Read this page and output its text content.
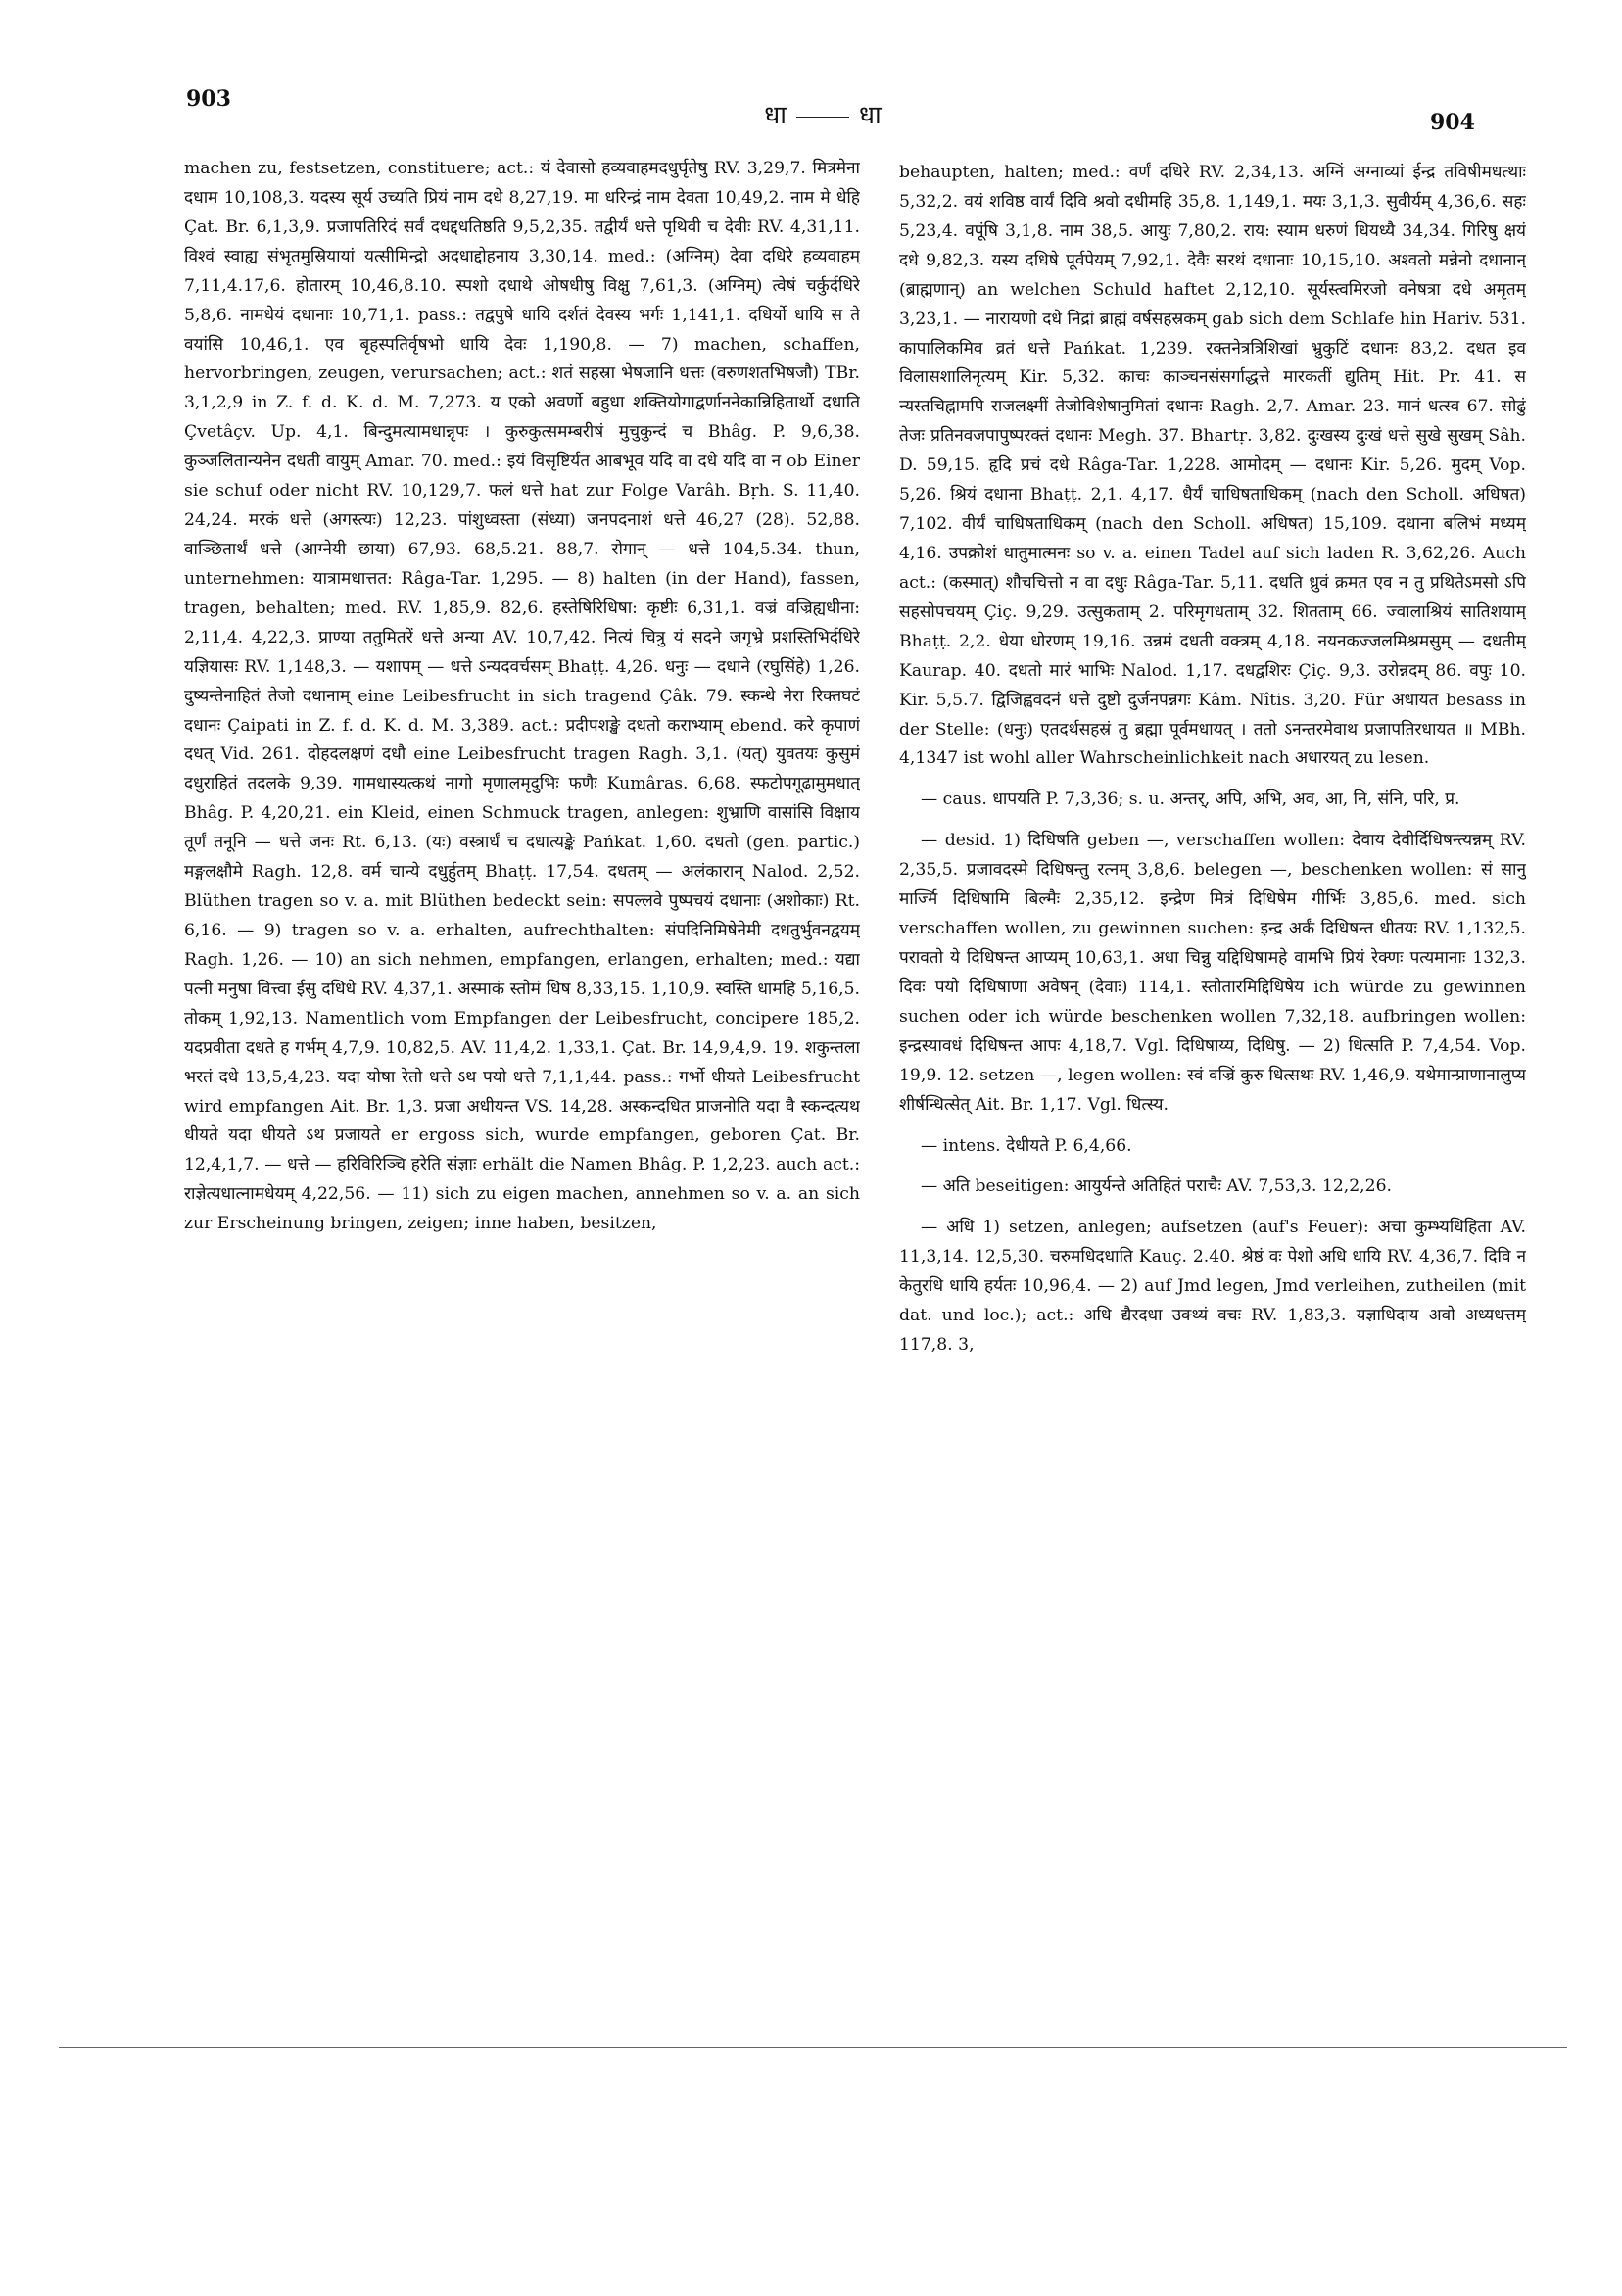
903
धा	धा	904

machen zu, festsetzen, constituere; act.: यं देवासो हव्यवाहमदधुर्घृतेषु RV. 3,29,7. मित्रमेना दधाम 10,108,3. यदस्य सूर्य उच्यति प्रियं नाम दधे 8,27,19. मा धरिन्द्रं नाम देवता 10,49,2. नाम मे धेहि Çat. Br. 6,1,3,9. प्रजापतिरिदं सर्वं दधद्दधतिष्ठति 9,5,2,35. तद्वीर्यं धत्ते पृथिवी च देवीः RV. 4,31,11. विश्वं स्वाह्य संभृतमुस्रियायां यत्सीमिन्द्रो अदधाद्दोहनाय 3,30,14. med.: (अग्निम्) देवा दधिरे हव्यवाहम् 7,11,4.17,6. होतारम् 10,46,8.10. स्पशो दधाथे ओषधीषु विक्षु 7,61,3. (अग्निम्) त्वेषं चर्कुर्दधिरे 5,8,6. नामधेयं दधानाः 10,71,1. pass.: तद्वपुषे धायि दर्शतं देवस्य भर्गः 1,141,1. दधिर्यो धायि स ते वयांसि 10,46,1. एव बृहस्पतिर्वृषभो धायि देवः 1,190,8. — 7) machen, schaffen, hervorbringen, zeugen, verursachen; act.: शतं सहस्रा भेषजानि धत्तः (वरुणशतभिषजौ) TBr. 3,1,2,9 in Z. f. d. K. d. M. 7,273. य एको अवर्णो बहुधा शक्तियोगाद्वर्णाननेकान्निहितार्थो दधाति Çvetâçv. Up. 4,1. बिन्दुमत्यामधान्नृपः । कुरुकुत्समम्बरीषं मुचुकुन्दं च Bhâg. P. 9,6,38. कुञ्जलितान्यनेन दधती वायुम् Amar. 70. med.: इयं विसृष्टिर्यत आबभूव यदि वा दधे यदि वा न ob Einer sie schuf oder nicht RV. 10,129,7. फलं धत्ते hat zur Folge Varâh. Bṛh. S. 11,40. 24,24. मरकं धत्ते (अगस्त्यः) 12,23. पांशुध्वस्ता (संध्या) जनपदनाशं धत्ते 46,27 (28). 52,88. वाञ्छितार्थं धत्ते (आग्नेयी छाया) 67,93. 68,5.21. 88,7. रोगान् — धत्ते 104,5.34. thun, unternehmen: यात्रामधात्तत: Râga-Tar. 1,295. — 8) halten (in der Hand), fassen, tragen, behalten; med. RV. 1,85,9. 82,6. हस्तेषिरिधिषा: कृष्टीः 6,31,1. वज्रं वज्रिह्यधीना: 2,11,4. 4,22,3. प्राण्या ततुमितरें धत्ते अन्या AV. 10,7,42. नित्यं चित्रु यं सदने जगृभ्रे प्रशस्तिभिर्दधिरे यज्ञियासः RV. 1,148,3. — यशापम् — धत्ते ऽन्यदवर्चसम् Bhaṭṭ. 4,26. धनुः — दधाने (रघुसिंहे) 1,26. दुष्यन्तेनाहितं तेजो दधानाम् eine Leibesfrucht in sich tragend Çâk. 79. स्कन्धे नेरा रिक्तघटं दधानः Çaipati in Z. f. d. K. d. M. 3,389. act.: प्रदीपशङ्खे दधतो कराभ्याम् ebend. करे कृपाणं दधत् Vid. 261. दोहदलक्षणं दधौ eine Leibesfrucht tragen Ragh. 3,1. (यत्) युवतयः कुसुमं दधुराहितं तदलके 9,39. गामधास्यत्कथं नागो मृणालमृदुभिः फणैः Kumâras. 6,68. स्फटोपगूढामुमधात् Bhâg. P. 4,20,21. ein Kleid, einen Schmuck tragen, anlegen: शुभ्राणि वासांसि विक्षाय तूर्णं तनूनि — धत्ते जनः Rt. 6,13. (यः) वस्त्रार्धं च दधात्यङ्के Pańkat. 1,60. दधतो (gen. partic.) मङ्गलक्षौमे Ragh. 12,8. वर्म चान्ये दधुर्हुतम् Bhaṭṭ. 17,54. दधतम् — अलंकारान् Nalod. 2,52. Blüthen tragen so v. a. mit Blüthen bedeckt sein: सपल्लवे पुष्पचयं दधानाः (अशोकाः) Rt. 6,16. — 9) tragen so v. a. erhalten, aufrechthalten: संपदिनिमिषेनेमी दधतुर्भुवनद्वयम् Ragh. 1,26. — 10) an sich nehmen, empfangen, erlangen, erhalten; med.: यद्या पत्नी मनुषा वित्त्वा ईसु दधिधे RV. 4,37,1. अस्माकं स्तोमं धिष 8,33,15. 1,10,9. स्वस्ति धामहि 5,16,5. तोकम् 1,92,13. Namentlich vom Empfangen der Leibesfrucht, concipere 185,2. यदप्रवीता दधते ह गर्भम् 4,7,9. 10,82,5. AV. 11,4,2. 1,33,1. Çat. Br. 14,9,4,9. 19. शकुन्तला भरतं दधे 13,5,4,23. यदा योषा रेतो धत्ते ऽथ पयो धत्ते 7,1,1,44. pass.: गर्भो धीयते Leibesfrucht wird empfangen Ait. Br. 1,3. प्रजा अधीयन्त VS. 14,28. अस्कन्दधित प्राजनोति यदा वै स्कन्दत्यथ धीयते यदा धीयते ऽथ प्रजायते er ergoss sich, wurde empfangen, geboren Çat. Br. 12,4,1,7. — धत्ते — हरिविरिञ्चि हरेति संज्ञाः erhält die Namen Bhâg. P. 1,2,23. auch act.: राज्ञेत्यधात्नामधेयम् 4,22,56. — 11) sich zu eigen machen, annehmen so v. a. an sich zur Erscheinung bringen, zeigen; inne haben, besitzen,

behaupten, halten; med.: वर्णं दधिरे RV. 2,34,13. अग्निं अग्नाव्यां ईन्द्र तविषीमधत्थाः 5,32,2. वयं शविष्ठ वार्यं दिवि श्रवो दधीमहि 35,8. 1,149,1. मयः 3,1,3. सुवीर्यम् 4,36,6. सहः 5,23,4. वपूंषि 3,1,8. नाम 38,5. आयुः 7,80,2. राय: स्याम धरुणं धियध्यै 34,34. गिरिषु क्षयं दधे 9,82,3. यस्य दधिषे पूर्वपेयम् 7,92,1. देवैः सरथं दधानाः 10,15,10. अश्वतो मन्नेनो दधानान् (ब्राह्मणान्) an welchen Schuld haftet 2,12,10. सूर्यस्त्वमिरजो वनेषत्रा दधे अमृतम् 3,23,1. — नारायणो दधे निद्रां ब्राह्मं वर्षसहस्रकम् gab sich dem Schlafe hin Hariv. 531. कापालिकमिव व्रतं धत्ते Pańkat. 1,239. रक्तनेत्रत्रिशिखां भ्रुकुटिं दधानः 83,2. दधत इव विलासशालिनृत्यम् Kir. 5,32. काचः काञ्चनसंसर्गाद्धत्ते मारकतीं द्युतिम् Hit. Pr. 41. स न्यस्तचिह्नामपि राजलक्ष्मीं तेजोविशेषानुमितां दधानः Ragh. 2,7. Amar. 23. मानं धत्स्व 67. सोढुं तेजः प्रतिनवजपापुष्परक्तं दधानः Megh. 37. Bhartṛ. 3,82. दुःखस्य दुःखं धत्ते सुखे सुखम् Sâh. D. 59,15. हृदि प्रचं दधे Râga-Tar. 1,228. आमोदम् — दधानः Kir. 5,26. मुदम् Vop. 5,26. श्रियं दधाना Bhaṭṭ. 2,1. 4,17. धैर्यं चाधिषताधिकम् (nach den Scholl. अधिषत) 7,102. वीर्यं चाधिषताधिकम् (nach den Scholl. अधिषत) 15,109. दधाना बलिभं मध्यम् 4,16. उपक्रोशं धातुमात्मनः so v. a. einen Tadel auf sich laden R. 3,62,26. Auch act.: (कस्मात्) शौचचित्तो न वा दधुः Râga-Tar. 5,11. दधति ध्रुवं क्रमत एव न तु प्रथितेऽमसो ऽपि सहसोपचयम् Çiç. 9,29. उत्सुकताम् 2. परिमृगधताम् 32. शितताम् 66. ज्वालाश्रियं सातिशयाम् Bhaṭṭ. 2,2. धेया धोरणम् 19,16. उन्नमं दधती वक्त्रम् 4,18. नयनकज्जलमिश्रमसुम् — दधतीम् Kaurap. 40. दधतो मारं भाभिः Nalod. 1,17. दधद्वशिरः Çiç. 9,3. उरोन्नदम् 86. वपुः 10. Kir. 5,5.7. द्विजिह्ववदनं धत्ते दुष्टो दुर्जनपन्नगः Kâm. Nîtis. 3,20. Für अधायत besass in der Stelle: (धनुः) एतदर्थसहस्रं तु ब्रह्मा पूर्वमधायत् । ततो ऽनन्तरमेवाथ प्रजापतिरधायत ॥ MBh. 4,1347 ist wohl aller Wahrscheinlichkeit nach अधारयत् zu lesen.

— caus. धापयति P. 7,3,36; s. u. अन्तर्, अपि, अभि, अव, आ, नि, संनि, परि, प्र.

— desid. 1) दिधिषति geben —, verschaffen wollen: देवाय देवीर्दिधिषन्त्यन्नम् RV. 2,35,5. प्रजावदस्मे दिधिषन्तु रत्नम् 3,8,6. belegen —, beschenken wollen: सं सानु मार्ज्मि दिधिषामि बिल्मैः 2,35,12. इन्द्रेण मित्रं दिधिषेम गीर्भिः 3,85,6. med. sich verschaffen wollen, zu gewinnen suchen: इन्द्र अर्कं दिधिषन्त धीतयः RV. 1,132,5. परावतो ये दिधिषन्त आप्यम् 10,63,1. अधा चिन्नु यद्दिधिषामहे वामभि प्रियं रेक्णः पत्यमानाः 132,3. दिवः पयो दिधिषाणा अवेषन् (देवाः) 114,1. स्तोतारमिद्दिधिषेय ich würde zu gewinnen suchen oder ich würde beschenken wollen 7,32,18. aufbringen wollen: इन्द्रस्यावधं दिधिषन्त आपः 4,18,7. Vgl. दिधिषाय्य, दिधिषु. — 2) धित्सति P. 7,4,54. Vop. 19,9. 12. setzen —, legen wollen: स्वं वज्रिं कुरु धित्सथः RV. 1,46,9. यथेमान्प्राणानालुप्य शीर्षन्धित्सेत् Ait. Br. 1,17. Vgl. धित्स्य.

— intens. देधीयते P. 6,4,66.

— अति beseitigen: आयुर्यन्ते अतिहितं पराचैः AV. 7,53,3. 12,2,26.

— अधि 1) setzen, anlegen; aufsetzen (auf's Feuer): अचा कुम्भ्यधिहिता AV. 11,3,14. 12,5,30. चरुमधिदधाति Kauç. 2.40. श्रेष्ठं वः पेशो अधि धायि RV. 4,36,7. दिवि न केतुरधि धायि हर्यतः 10,96,4. — 2) auf Jmd legen, Jmd verleihen, zutheilen (mit dat. und loc.); act.: अधि द्यैरदधा उक्थ्यं वचः RV. 1,83,3. यज्ञाधिदाय अवो अध्यधत्तम् 117,8. 3,
